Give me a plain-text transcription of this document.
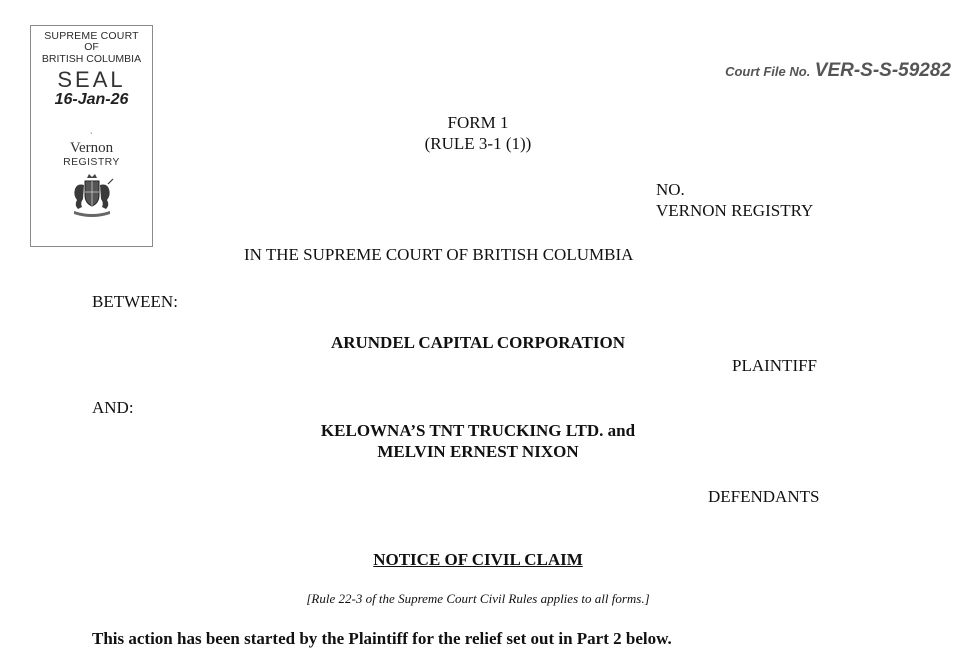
SUPREME COURT
OF
BRITISH COLUMBIA
SEAL
16-Jan-26
ˎ
Vernon
REGISTRY
Court File No. VER-S-S-59282
FORM 1
(RULE 3-1 (1))
NO.
VERNON REGISTRY
IN THE SUPREME COURT OF BRITISH COLUMBIA
BETWEEN:
ARUNDEL CAPITAL CORPORATION
PLAINTIFF
AND:
KELOWNA’S TNT TRUCKING LTD. and
MELVIN ERNEST NIXON
DEFENDANTS
NOTICE OF CIVIL CLAIM
[Rule 22-3 of the Supreme Court Civil Rules applies to all forms.]
This action has been started by the Plaintiff for the relief set out in Part 2 below.
